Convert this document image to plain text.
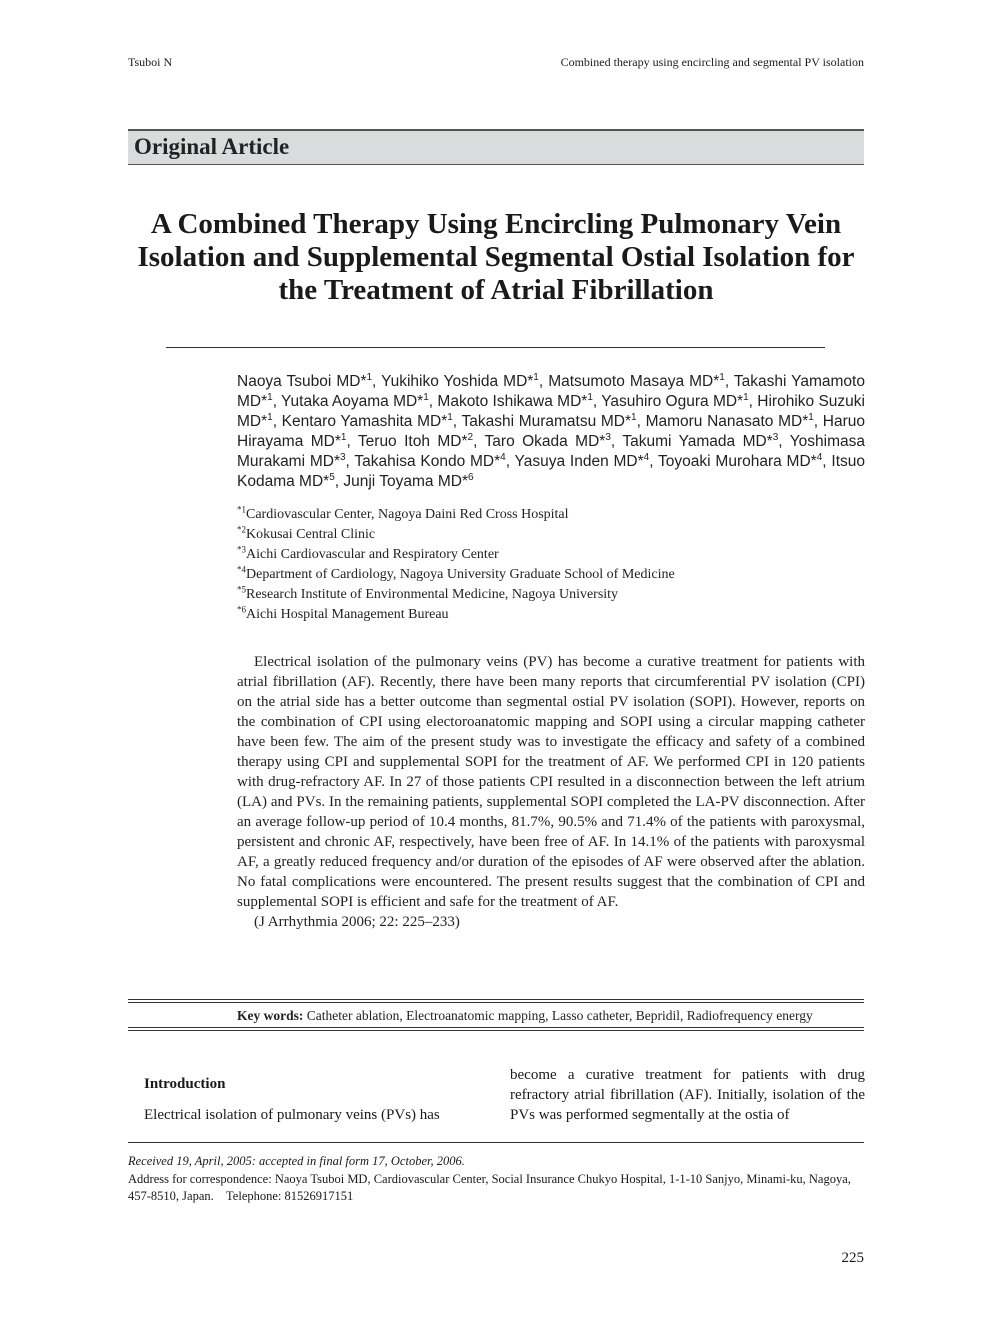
Tsuboi N	Combined therapy using encircling and segmental PV isolation
Original Article
A Combined Therapy Using Encircling Pulmonary Vein Isolation and Supplemental Segmental Ostial Isolation for the Treatment of Atrial Fibrillation
Naoya Tsuboi MD*$^1$, Yukihiko Yoshida MD*$^1$, Matsumoto Masaya MD*$^1$, Takashi Yamamoto MD*$^1$, Yutaka Aoyama MD*$^1$, Makoto Ishikawa MD*$^1$, Yasuhiro Ogura MD*$^1$, Hirohiko Suzuki MD*$^1$, Kentaro Yamashita MD*$^1$, Takashi Muramatsu MD*$^1$, Mamoru Nanasato MD*$^1$, Haruo Hirayama MD*$^1$, Teruo Itoh MD*$^2$, Taro Okada MD*$^3$, Takumi Yamada MD*$^3$, Yoshimasa Murakami MD*$^3$, Takahisa Kondo MD*$^4$, Yasuya Inden MD*$^4$, Toyoaki Murohara MD*$^4$, Itsuo Kodama MD*$^5$, Junji Toyama MD*$^6$
$^{*1}$Cardiovascular Center, Nagoya Daini Red Cross Hospital
$^{*2}$Kokusai Central Clinic
$^{*3}$Aichi Cardiovascular and Respiratory Center
$^{*4}$Department of Cardiology, Nagoya University Graduate School of Medicine
$^{*5}$Research Institute of Environmental Medicine, Nagoya University
$^{*6}$Aichi Hospital Management Bureau

Electrical isolation of the pulmonary veins (PV) has become a curative treatment for patients with atrial fibrillation (AF). Recently, there have been many reports that circumferential PV isolation (CPI) on the atrial side has a better outcome than segmental ostial PV isolation (SOPI). However, reports on the combination of CPI using electoroanatomic mapping and SOPI using a circular mapping catheter have been few. The aim of the present study was to investigate the efficacy and safety of a combined therapy using CPI and supplemental SOPI for the treatment of AF. We performed CPI in 120 patients with drug-refractory AF. In 27 of those patients CPI resulted in a disconnection between the left atrium (LA) and PVs. In the remaining patients, supplemental SOPI completed the LA-PV disconnection. After an average follow-up period of 10.4 months, 81.7%, 90.5% and 71.4% of the patients with paroxysmal, persistent and chronic AF, respectively, have been free of AF. In 14.1% of the patients with paroxysmal AF, a greatly reduced frequency and/or duration of the episodes of AF were observed after the ablation. No fatal complications were encountered. The present results suggest that the combination of CPI and supplemental SOPI is efficient and safe for the treatment of AF.

(J Arrhythmia 2006; 22: 225–233)

Key words: Catheter ablation, Electroanatomic mapping, Lasso catheter, Bepridil, Radiofrequency energy
Introduction
Electrical isolation of pulmonary veins (PVs) has
become a curative treatment for patients with drug refractory atrial fibrillation (AF). Initially, isolation of the PVs was performed segmentally at the ostia of
Received 19, April, 2005: accepted in final form 17, October, 2006.
Address for correspondence: Naoya Tsuboi MD, Cardiovascular Center, Social Insurance Chukyo Hospital, 1-1-10 Sanjyo, Minami-ku, Nagoya, 457-8510, Japan. Telephone: 81526917151
225
